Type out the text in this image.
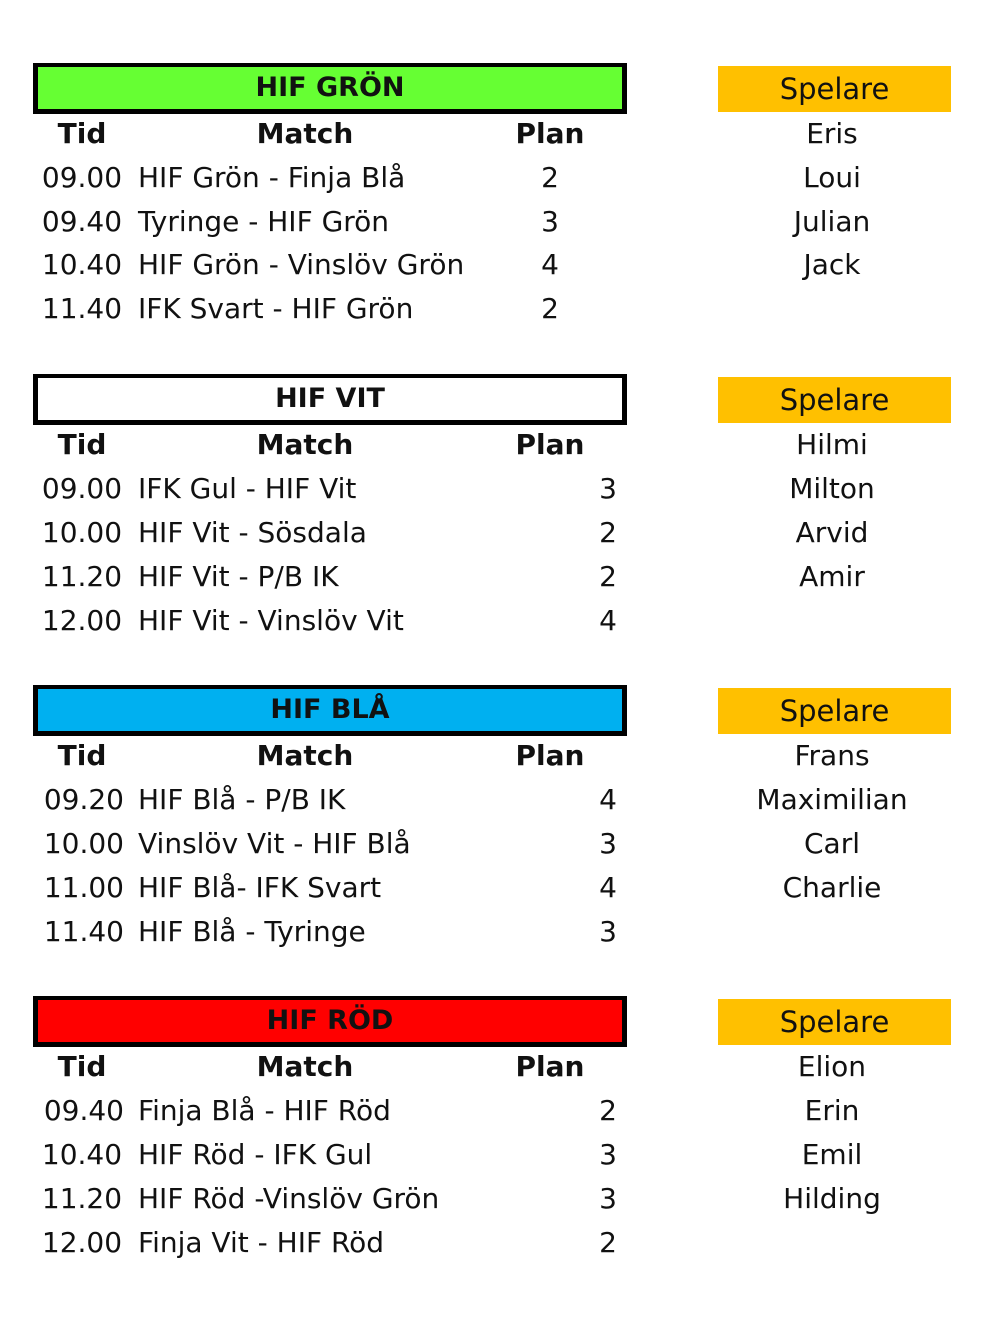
HIF GRÖN	Spelare
Tid	Match	Plan	Eris
09.00 HIF Grön - Finja Blå	2	Loui
09.40 Tyringe - HIF Grön	3	Julian
10.40 HIF Grön - Vinslöv Grön	4	Jack
11.40 IFK Svart - HIF Grön	2
HIF VIT	Spelare
Tid	Match	Plan	Hilmi
09.00 IFK Gul - HIF Vit	3	Milton
10.00 HIF Vit - Sösdala	2	Arvid
11.20 HIF Vit - P/B IK	2	Amir
12.00 HIF Vit - Vinslöv Vit	4
HIF BLÅ	Spelare
Tid	Match	Plan	Frans
09.20 HIF Blå - P/B IK	4	Maximilian
10.00 Vinslöv Vit - HIF Blå	3	Carl
11.00 HIF Blå- IFK Svart	4	Charlie
11.40 HIF Blå - Tyringe	3
HIF RÖD	Spelare
Tid	Match	Plan	Elion
09.40 Finja Blå - HIF Röd	2	Erin
10.40 HIF Röd - IFK Gul	3	Emil
11.20 HIF Röd -Vinslöv Grön	3	Hilding
12.00 Finja Vit - HIF Röd	2
